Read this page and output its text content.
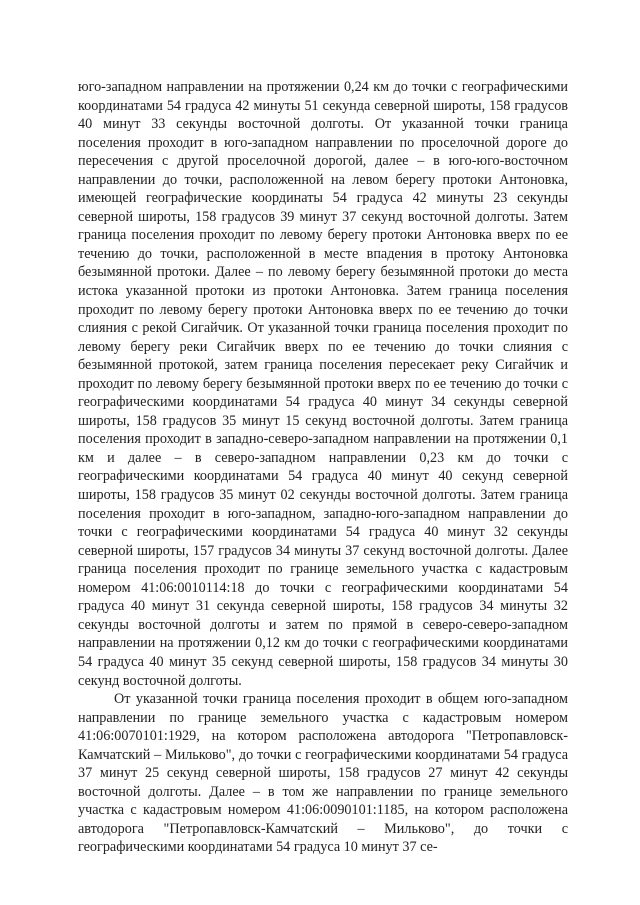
юго-западном направлении на протяжении 0,24 км до точки с географическими координатами 54 градуса 42 минуты 51 секунда северной широты, 158 градусов 40 минут 33 секунды восточной долготы. От указанной точки граница поселения проходит в юго-западном направлении по проселочной дороге до пересечения с другой проселочной дорогой, далее – в юго-юго-восточном направлении до точки, расположенной на левом берегу протоки Антоновка, имеющей географические координаты 54 градуса 42 минуты 23 секунды северной широты, 158 градусов 39 минут 37 секунд восточной долготы. Затем граница поселения проходит по левому берегу протоки Антоновка вверх по ее течению до точки, расположенной в месте впадения в протоку Антоновка безымянной протоки. Далее – по левому берегу безымянной протоки до места истока указанной протоки из протоки Антоновка. Затем граница поселения проходит по левому берегу протоки Антоновка вверх по ее течению до точки слияния с рекой Сигайчик. От указанной точки граница поселения проходит по левому берегу реки Сигайчик вверх по ее течению до точки слияния с безымянной протокой, затем граница поселения пересекает реку Сигайчик и проходит по левому берегу безымянной протоки вверх по ее течению до точки с географическими координатами 54 градуса 40 минут 34 секунды северной широты, 158 градусов 35 минут 15 секунд восточной долготы. Затем граница поселения проходит в западно-северо-западном направлении на протяжении 0,1 км и далее – в северо-западном направлении 0,23 км до точки с географическими координатами 54 градуса 40 минут 40 секунд северной широты, 158 градусов 35 минут 02 секунды восточной долготы. Затем граница поселения проходит в юго-западном, западно-юго-западном направлении до точки с географическими координатами 54 градуса 40 минут 32 секунды северной широты, 157 градусов 34 минуты 37 секунд восточной долготы. Далее граница поселения проходит по границе земельного участка с кадастровым номером 41:06:0010114:18 до точки с географическими координатами 54 градуса 40 минут 31 секунда северной широты, 158 градусов 34 минуты 32 секунды восточной долготы и затем по прямой в северо-северо-западном направлении на протяжении 0,12 км до точки с географическими координатами 54 градуса 40 минут 35 секунд северной широты, 158 градусов 34 минуты 30 секунд восточной долготы.

От указанной точки граница поселения проходит в общем юго-западном направлении по границе земельного участка с кадастровым номером 41:06:0070101:1929, на котором расположена автодорога "Петропавловск-Камчатский – Мильково", до точки с географическими координатами 54 градуса 37 минут 25 секунд северной широты, 158 градусов 27 минут 42 секунды восточной долготы. Далее – в том же направлении по границе земельного участка с кадастровым номером 41:06:0090101:1185, на котором расположена автодорога "Петропавловск-Камчатский – Мильково", до точки с географическими координатами 54 градуса 10 минут 37 се-
